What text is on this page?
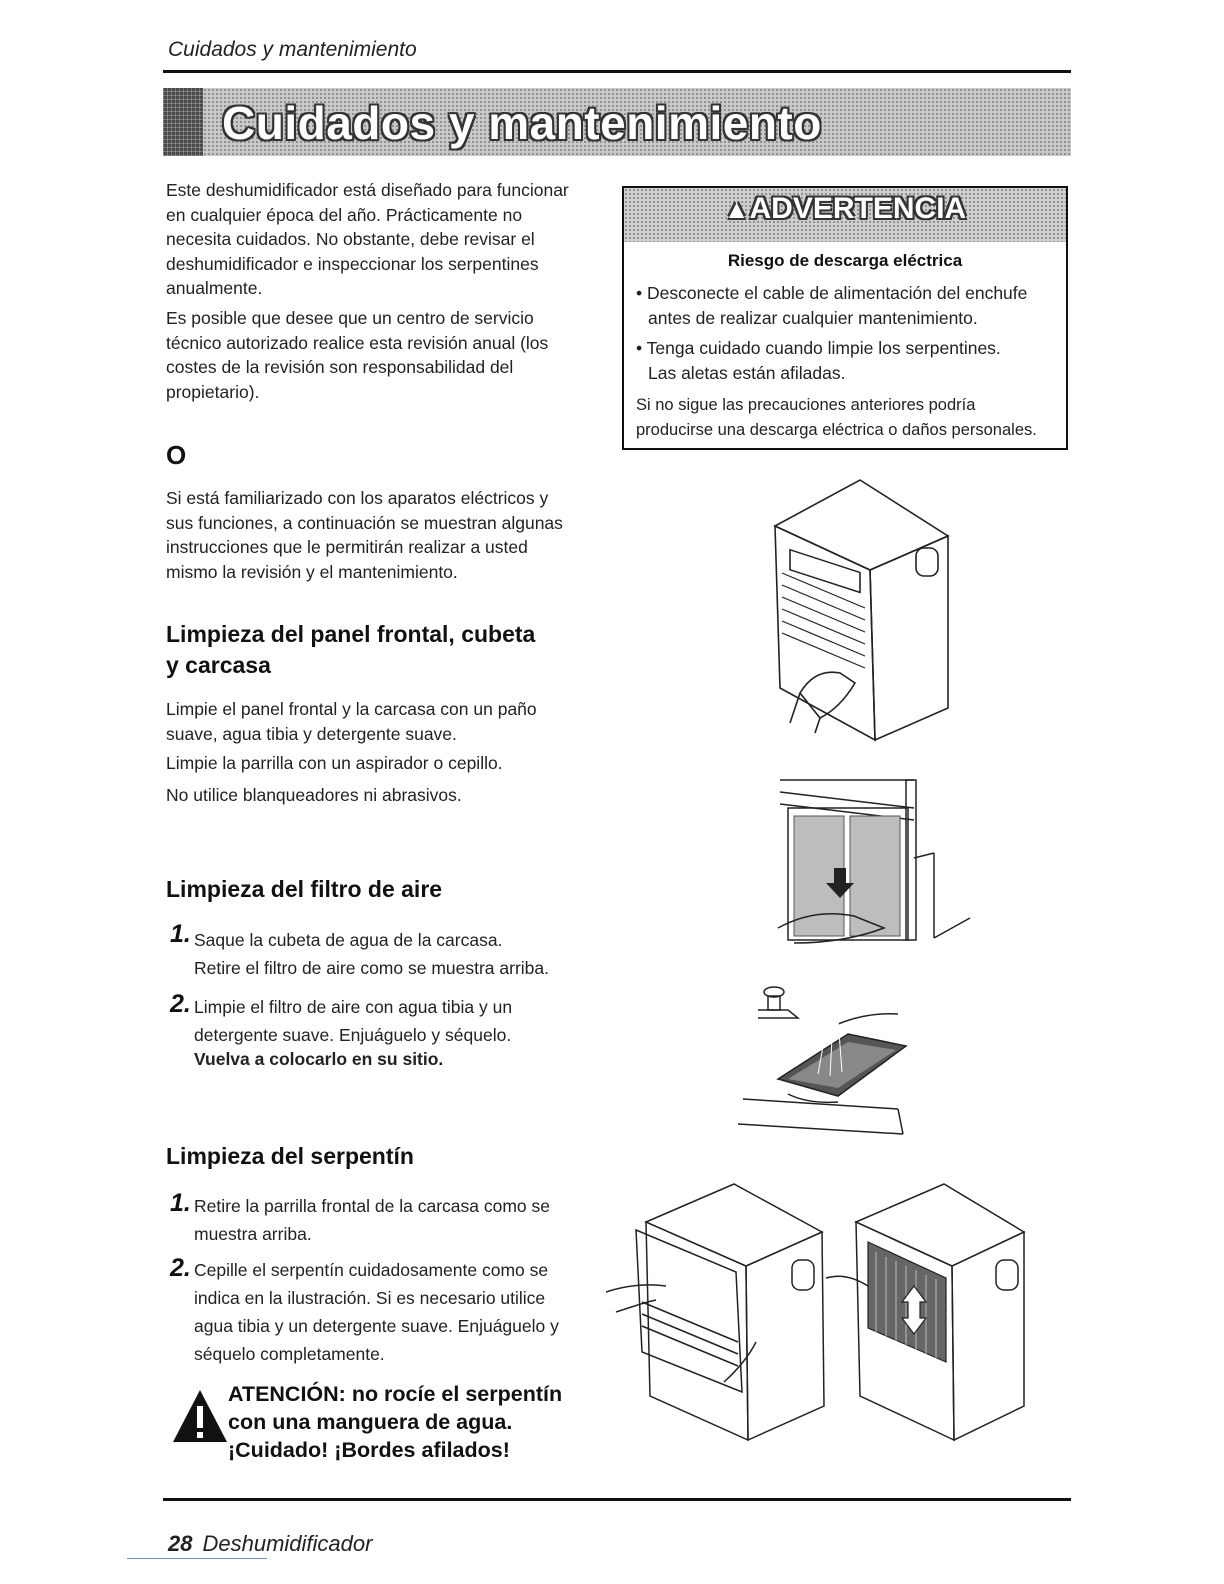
Cuidados y mantenimiento
Cuidados y mantenimiento
Este deshumidificador está diseñado para funcionar
en cualquier época del año. Prácticamente no
necesita cuidados. No obstante, debe revisar el
deshumidificador e inspeccionar los serpentines
anualmente.
Es posible que desee que un centro de servicio
técnico autorizado realice esta revisión anual (los
costes de la revisión son responsabilidad del
propietario).
O
Si está familiarizado con los aparatos eléctricos y
sus funciones, a continuación se muestran algunas
instrucciones que le permitirán realizar a usted
mismo la revisión y el mantenimiento.
▲ADVERTENCIA
Riesgo de descarga eléctrica
• Desconecte el cable de alimentación del enchufe
antes de realizar cualquier mantenimiento.
• Tenga cuidado cuando limpie los serpentines.
Las aletas están afiladas.
Si no sigue las precauciones anteriores podría
producirse una descarga eléctrica o daños personales.
Limpieza del panel frontal, cubeta
y carcasa
Limpie el panel frontal y la carcasa con un paño
suave, agua tibia y detergente suave.
Limpie la parrilla con un aspirador o cepillo.
No utilice blanqueadores ni abrasivos.
Limpieza del filtro de aire
1. Saque la cubeta de agua de la carcasa.
Retire el filtro de aire como se muestra arriba.
2. Limpie el filtro de aire con agua tibia y un
detergente suave. Enjuáguelo y séquelo.
Vuelva a colocarlo en su sitio.
Limpieza del serpentín
1. Retire la parrilla frontal de la carcasa como se
muestra arriba.
2. Cepille el serpentín cuidadosamente como se
indica en la ilustración. Si es necesario utilice
agua tibia y un detergente suave. Enjuáguelo y
séquelo completamente.
ATENCIÓN: no rocíe el serpentín
con una manguera de agua.
¡Cuidado! ¡Bordes afilados!
28 Deshumidificador
